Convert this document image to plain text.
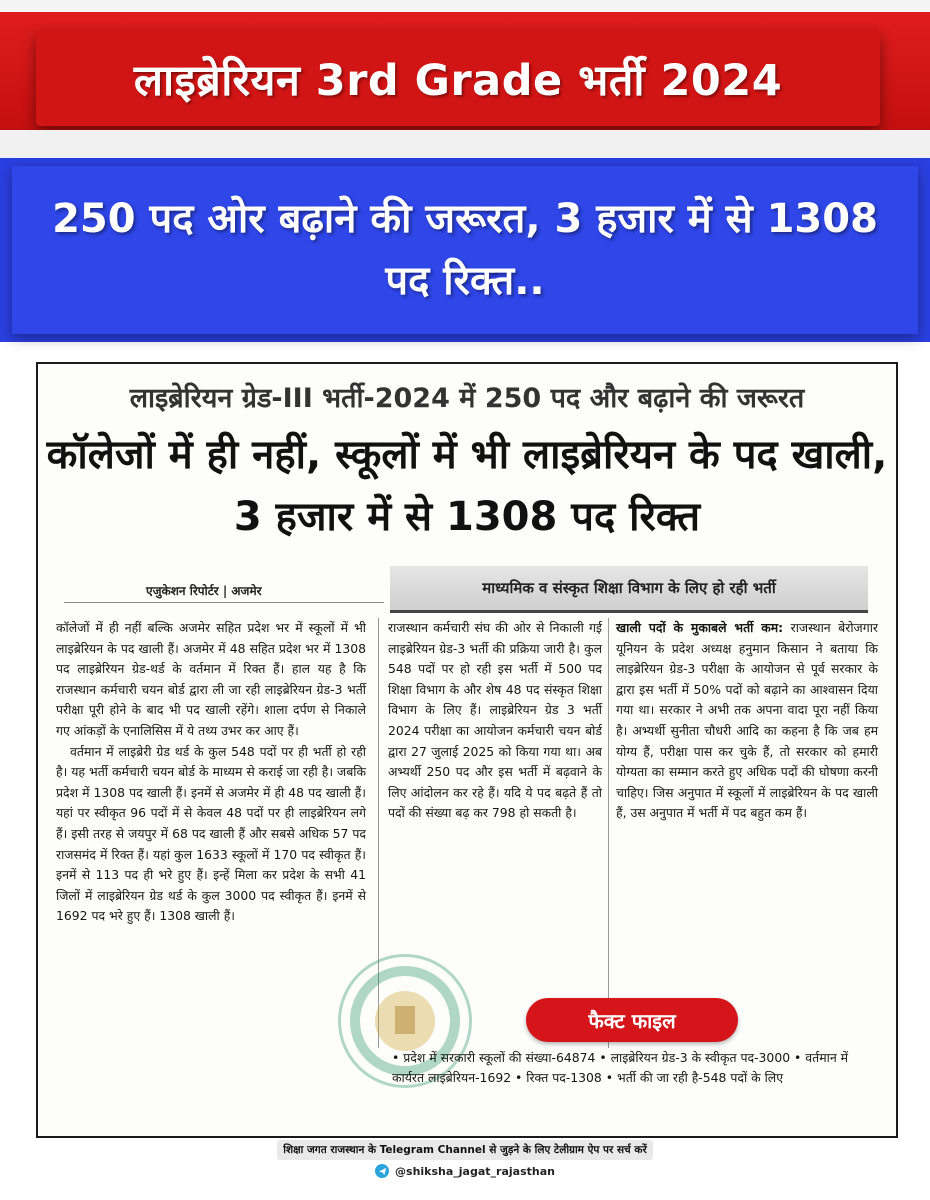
लाइब्रेरियन 3rd Grade भर्ती 2024
250 पद ओर बढ़ाने की जरूरत, 3 हजार में से 1308 पद रिक्त..
लाइब्रेरियन ग्रेड-III भर्ती-2024 में 250 पद और बढ़ाने की जरूरत
कॉलेजों में ही नहीं, स्कूलों में भी लाइब्रेरियन के पद खाली, 3 हजार में से 1308 पद रिक्त
एजुकेशन रिपोर्टर | अजमेर	माध्यमिक व संस्कृत शिक्षा विभाग के लिए हो रही भर्ती

कॉलेजों में ही नहीं बल्कि अजमेर सहित प्रदेश भर में स्कूलों में भी लाइब्रेरियन के पद खाली हैं। अजमेर में 48 सहित प्रदेश भर में 1308 पद लाइब्रेरियन ग्रेड-थर्ड के वर्तमान में रिक्त हैं। हाल यह है कि राजस्थान कर्मचारी चयन बोर्ड द्वारा ली जा रही लाइब्रेरियन ग्रेड-3 भर्ती परीक्षा पूरी होने के बाद भी पद खाली रहेंगे। शाला दर्पण से निकाले गए आंकड़ों के एनालिसिस में ये तथ्य उभर कर आए हैं।

वर्तमान में लाइब्रेरी ग्रेड थर्ड के कुल 548 पदों पर ही भर्ती हो रही है। यह भर्ती कर्मचारी चयन बोर्ड के माध्यम से कराई जा रही है। जबकि प्रदेश में 1308 पद खाली हैं। इनमें से अजमेर में ही 48 पद खाली हैं। यहां पर स्वीकृत 96 पदों में से केवल 48 पदों पर ही लाइब्रेरियन लगे हैं। इसी तरह से जयपुर में 68 पद खाली हैं और सबसे अधिक 57 पद राजसमंद में रिक्त हैं। यहां कुल 1633 स्कूलों में 170 पद स्वीकृत हैं। इनमें से 113 पद ही भरे हुए हैं। इन्हें मिला कर प्रदेश के सभी 41 जिलों में लाइब्रेरियन ग्रेड थर्ड के कुल 3000 पद स्वीकृत हैं। इनमें से 1692 पद भरे हुए हैं। 1308 खाली हैं।

राजस्थान कर्मचारी संघ की ओर से निकाली गई लाइब्रेरियन ग्रेड-3 भर्ती की प्रक्रिया जारी है। कुल 548 पदों पर हो रही इस भर्ती में 500 पद शिक्षा विभाग के और शेष 48 पद संस्कृत शिक्षा विभाग के लिए हैं। लाइब्रेरियन ग्रेड 3 भर्ती 2024 परीक्षा का आयोजन कर्मचारी चयन बोर्ड द्वारा 27 जुलाई 2025 को किया गया था। अब अभ्यर्थी 250 पद और इस भर्ती में बढ़वाने के लिए आंदोलन कर रहे हैं। यदि ये पद बढ़ते हैं तो पदों की संख्या बढ़ कर 798 हो सकती है।

खाली पदों के मुकाबले भर्ती कम: राजस्थान बेरोजगार यूनियन के प्रदेश अध्यक्ष हनुमान किसान ने बताया कि लाइब्रेरियन ग्रेड-3 परीक्षा के आयोजन से पूर्व सरकार के द्वारा इस भर्ती में 50% पदों को बढ़ाने का आश्वासन दिया गया था। सरकार ने अभी तक अपना वादा पूरा नहीं किया है। अभ्यर्थी सुनीता चौधरी आदि का कहना है कि जब हम योग्य हैं, परीक्षा पास कर चुके हैं, तो सरकार को हमारी योग्यता का सम्मान करते हुए अधिक पदों की घोषणा करनी चाहिए। जिस अनुपात में स्कूलों में लाइब्रेरियन के पद खाली हैं, उस अनुपात में भर्ती में पद बहुत कम हैं।

फैक्ट फाइल
• प्रदेश में सरकारी स्कूलों की संख्या-64874 • लाइब्रेरियन ग्रेड-3 के स्वीकृत पद-3000 • वर्तमान में कार्यरत लाइब्रेरियन-1692 • रिक्त पद-1308 • भर्ती की जा रही है-548 पदों के लिए
शिक्षा जगत राजस्थान के Telegram Channel से जुड़ने के लिए टेलीग्राम ऐप पर सर्च करें
@shiksha_jagat_rajasthan
